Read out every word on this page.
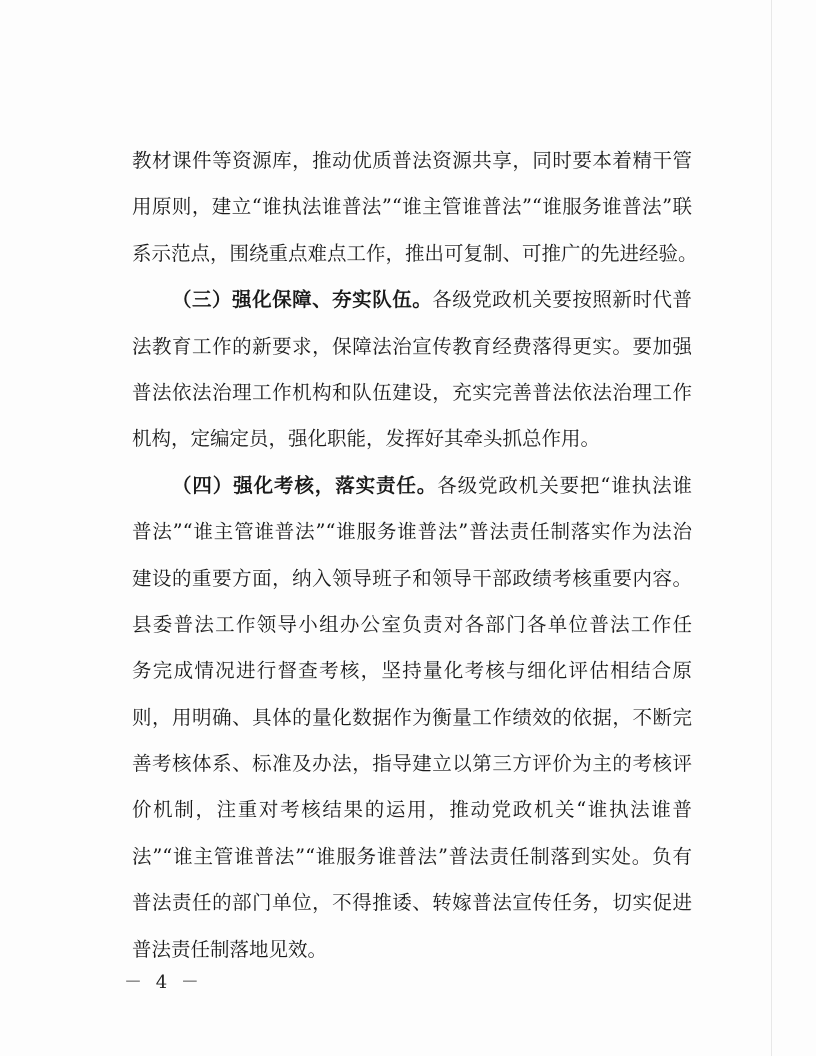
教材课件等资源库，推动优质普法资源共享，同时要本着精干管
用原则，建立“谁执法谁普法”“谁主管谁普法”“谁服务谁普法”联
系示范点，围绕重点难点工作，推出可复制、可推广的先进经验。
（三）强化保障、夯实队伍。各级党政机关要按照新时代普
法教育工作的新要求，保障法治宣传教育经费落得更实。要加强
普法依法治理工作机构和队伍建设，充实完善普法依法治理工作
机构，定编定员，强化职能，发挥好其牵头抓总作用。
（四）强化考核，落实责任。各级党政机关要把“谁执法谁
普法”“谁主管谁普法”“谁服务谁普法”普法责任制落实作为法治
建设的重要方面，纳入领导班子和领导干部政绩考核重要内容。
县委普法工作领导小组办公室负责对各部门各单位普法工作任
务完成情况进行督查考核，坚持量化考核与细化评估相结合原
则，用明确、具体的量化数据作为衡量工作绩效的依据，不断完
善考核体系、标准及办法，指导建立以第三方评价为主的考核评
价机制，注重对考核结果的运用，推动党政机关“谁执法谁普
法”“谁主管谁普法”“谁服务谁普法”普法责任制落到实处。负有
普法责任的部门单位，不得推诿、转嫁普法宣传任务，切实促进
普法责任制落地见效。
－ 4 －
